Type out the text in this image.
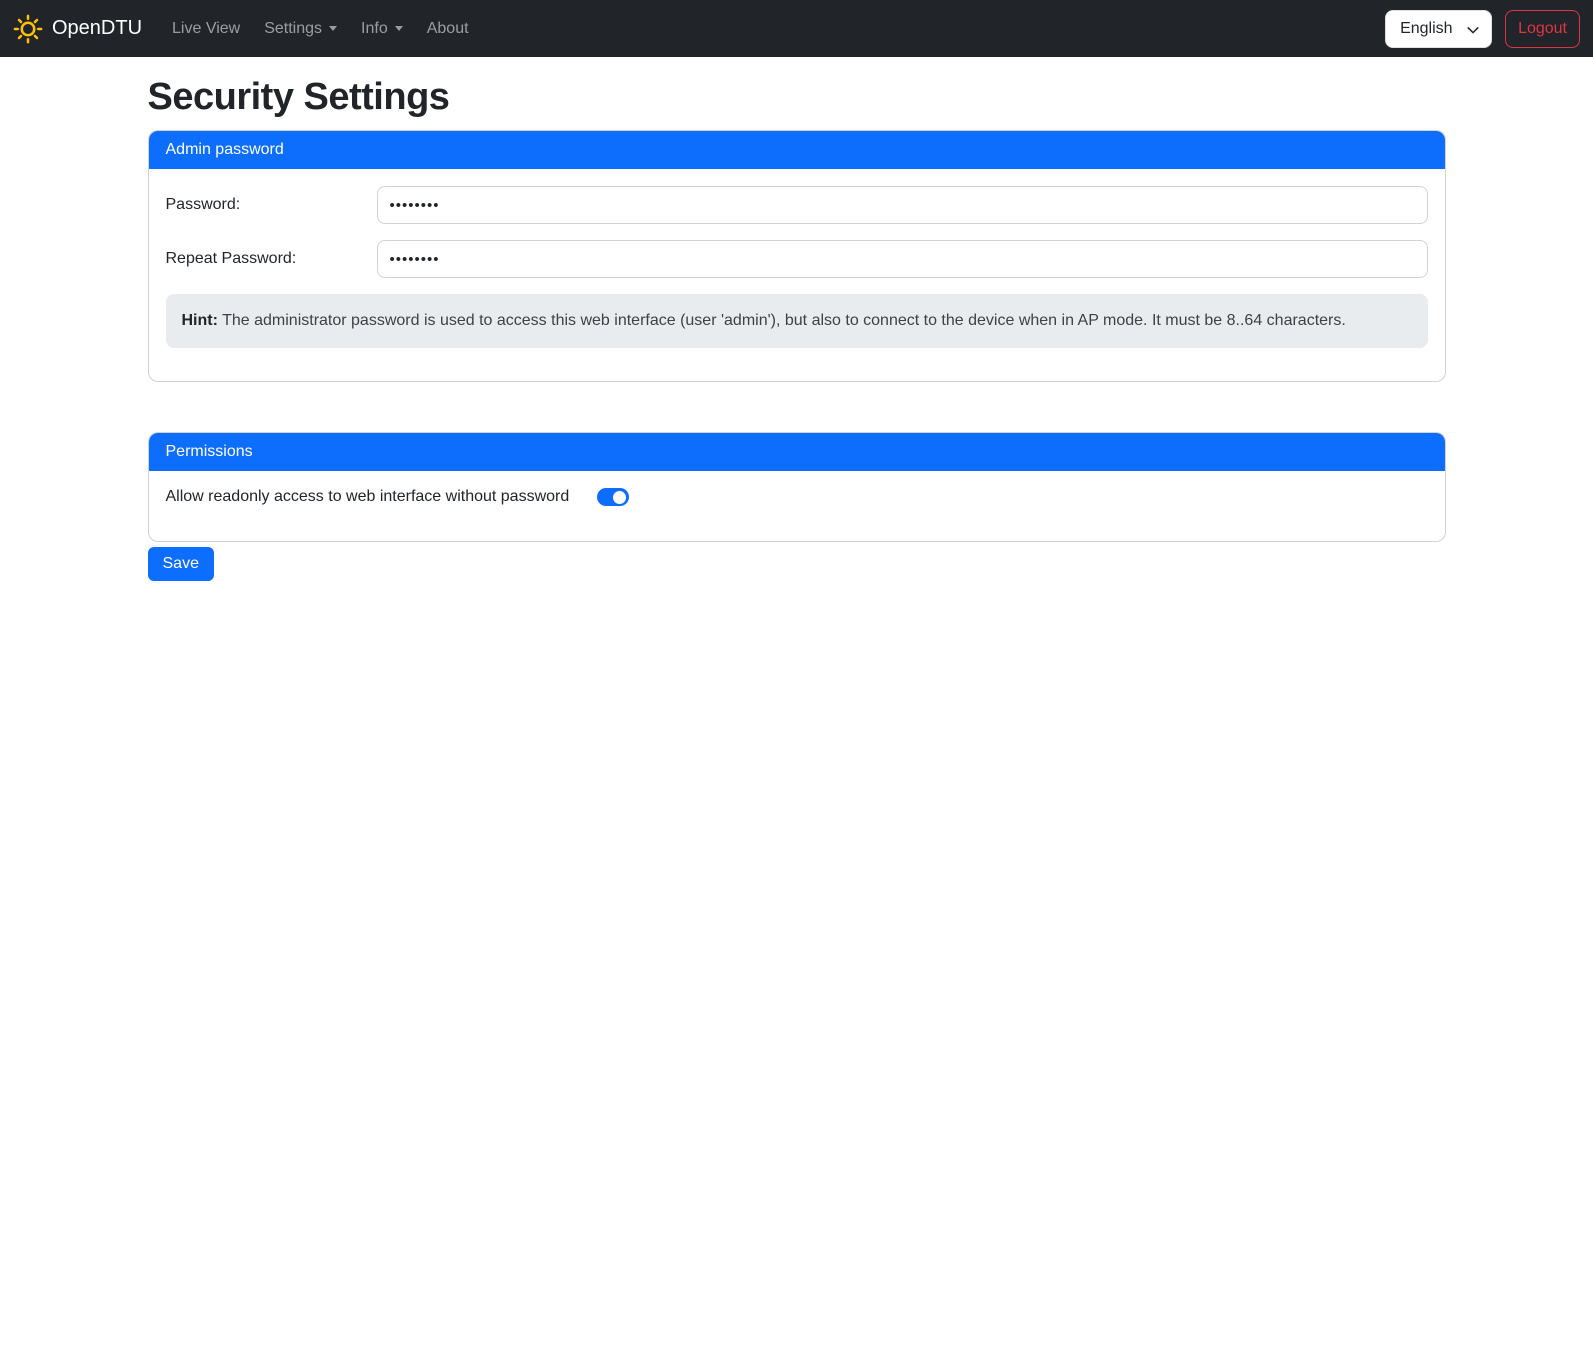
OpenDTU Live View Settings Info About	English	Logout
Security Settings
Admin password
Password:
Repeat Password:
Hint: The administrator password is used to access this web interface (user 'admin'), but also to connect to the device when in AP mode. It must be 8..64 characters.
Permissions
Allow readonly access to web interface without password
Save
